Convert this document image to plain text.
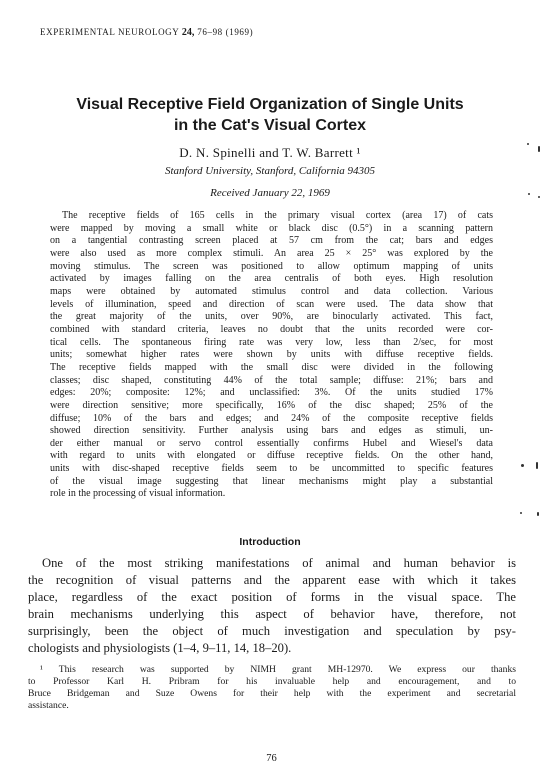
EXPERIMENTAL NEUROLOGY 24, 76–98 (1969)
Visual Receptive Field Organization of Single Units
in the Cat's Visual Cortex
D. N. Spinelli and T. W. Barrett ¹
Stanford University, Stanford, California 94305
Received January 22, 1969
The receptive fields of 165 cells in the primary visual cortex (area 17) of cats
were mapped by moving a small white or black disc (0.5°) in a scanning pattern
on a tangential contrasting screen placed at 57 cm from the cat; bars and edges
were also used as more complex stimuli. An area 25 × 25° was explored by the
moving stimulus. The screen was positioned to allow optimum mapping of units
activated by images falling on the area centralis of both eyes. High resolution
maps were obtained by automated stimulus control and data collection. Various
levels of illumination, speed and direction of scan were used. The data show that
the great majority of the units, over 90%, are binocularly activated. This fact,
combined with standard criteria, leaves no doubt that the units recorded were cor-
tical cells. The spontaneous firing rate was very low, less than 2/sec, for most
units; somewhat higher rates were shown by units with diffuse receptive fields.
The receptive fields mapped with the small disc were divided in the following
classes; disc shaped, constituting 44% of the total sample; diffuse: 21%; bars and
edges: 20%; composite: 12%; and unclassified: 3%. Of the units studied 17%
were direction sensitive; more specifically, 16% of the disc shaped; 25% of the
diffuse; 10% of the bars and edges; and 24% of the composite receptive fields
showed direction sensitivity. Further analysis using bars and edges as stimuli, un-
der either manual or servo control essentially confirms Hubel and Wiesel's data
with regard to units with elongated or diffuse receptive fields. On the other hand,
units with disc-shaped receptive fields seem to be uncommitted to specific features
of the visual image suggesting that linear mechanisms might play a substantial
role in the processing of visual information.
Introduction
One of the most striking manifestations of animal and human behavior is
the recognition of visual patterns and the apparent ease with which it takes
place, regardless of the exact position of forms in the visual space. The
brain mechanisms underlying this aspect of behavior have, therefore, not
surprisingly, been the object of much investigation and speculation by psy-
chologists and physiologists (1–4, 9–11, 14, 18–20).
¹ This research was supported by NIMH grant MH-12970. We express our thanks
to Professor Karl H. Pribram for his invaluable help and encouragement, and to
Bruce Bridgeman and Suze Owens for their help with the experiment and secretarial
assistance.
76
